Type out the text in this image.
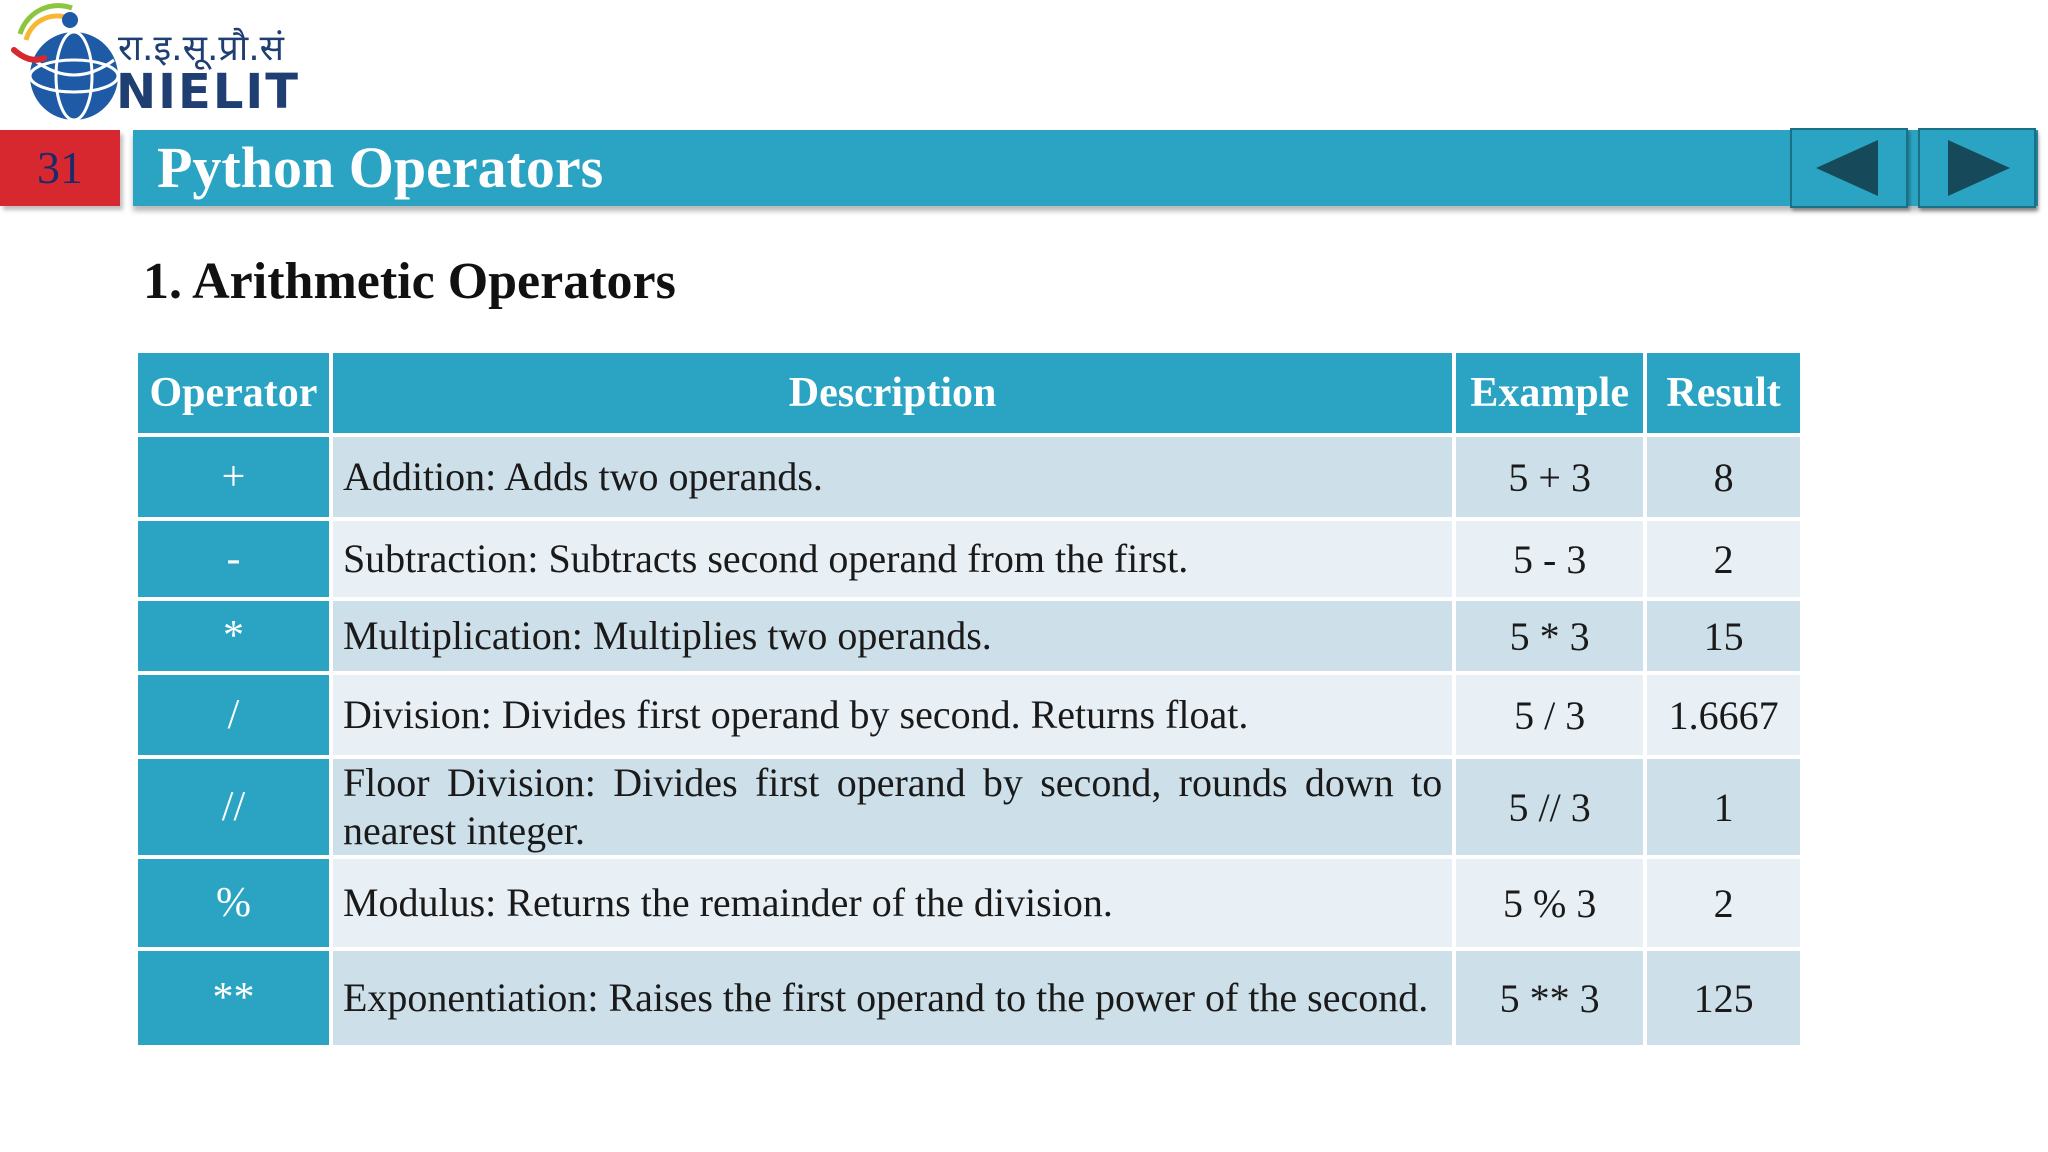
रा.इ.सू.प्रौ.सं
NIELIT
31	Python Operators
1. Arithmetic Operators
Operator	Description	Example	Result
+	Addition: Adds two operands.	5 + 3	8
-	Subtraction: Subtracts second operand from the first.	5 - 3	2
*	Multiplication: Multiplies two operands.	5 * 3	15
/	Division: Divides first operand by second. Returns float.	5 / 3	1.6667
//	Floor Division: Divides first operand by second, rounds down to nearest integer.	5 // 3	1
%	Modulus: Returns the remainder of the division.	5 % 3	2
**	Exponentiation: Raises the first operand to the power of the second.	5 ** 3	125
